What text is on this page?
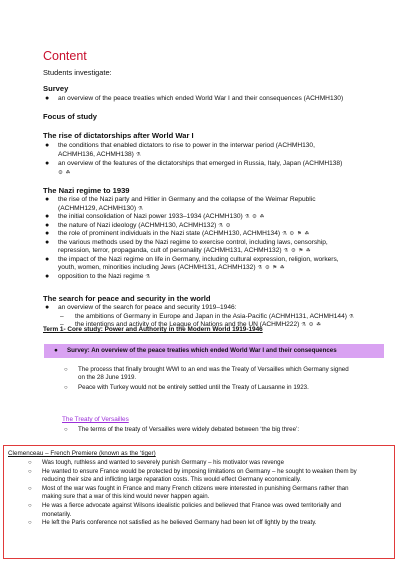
Content
Students investigate:
Survey
● an overview of the peace treaties which ended World War I and their consequences (ACHMH130)
Focus of study
The rise of dictatorships after World War I
● the conditions that enabled dictators to rise to power in the interwar period (ACHMH130,
ACHMH136, ACHMH138) ⚗
● an overview of the features of the dictatorships that emerged in Russia, Italy, Japan (ACHMH138)
⚙ ☘
The Nazi regime to 1939
● the rise of the Nazi party and Hitler in Germany and the collapse of the Weimar Republic
(ACHMH129, ACHMH130) ⚗
● the initial consolidation of Nazi power 1933–1934 (ACHMH130) ⚗ ⚙ ☘
● the nature of Nazi ideology (ACHMH130, ACHMH132) ⚗ ⚙
● the role of prominent individuals in the Nazi state (ACHMH130, ACHMH134) ⚗ ⚙ ⚑ ☘
● the various methods used by the Nazi regime to exercise control, including laws, censorship,
repression, terror, propaganda, cult of personality (ACHMH131, ACHMH132) ⚗ ⚙ ⚑ ☘
● the impact of the Nazi regime on life in Germany, including cultural expression, religion, workers,
youth, women, minorities including Jews (ACHMH131, ACHMH132) ⚗ ⚙ ⚑ ☘
● opposition to the Nazi regime ⚗
The search for peace and security in the world
● an overview of the search for peace and security 1919–1946:
– the ambitions of Germany in Europe and Japan in the Asia-Pacific (ACHMH131, ACHMH144) ⚗
– the intentions and activity of the League of Nations and the UN (ACHMH222) ⚗ ⚙ ☘
Term 1- Core study: Power and Authority in the Modern World 1919-1946
● Survey: An overview of the peace treaties which ended World War I and their consequences
○ The process that finally brought WWI to an end was the Treaty of Versailles which Germany signed
on the 28 June 1919.
○ Peace with Turkey would not be entirely settled until the Treaty of Lausanne in 1923.
The Treaty of Versailles
○ The terms of the treaty of Versailles were widely debated between ‘the big three’:
Clemenceau – French Premiere (known as the ‘tiger)
○ Was tough, ruthless and wanted to severely punish Germany – his motivator was revenge
○ He wanted to ensure France would be protected by imposing limitations on Germany – he sought to weaken them by
reducing their size and inflicting large reparation costs. This would effect Germany economically.
○ Most of the war was fought in France and many French citizens were interested in punishing Germans rather than
making sure that a war of this kind would never happen again.
○ He was a fierce advocate against Wilsons idealistic policies and believed that France was owed territorially and
monetarily.
○ He left the Paris conference not satisfied as he believed Germany had been let off lightly by the treaty.
